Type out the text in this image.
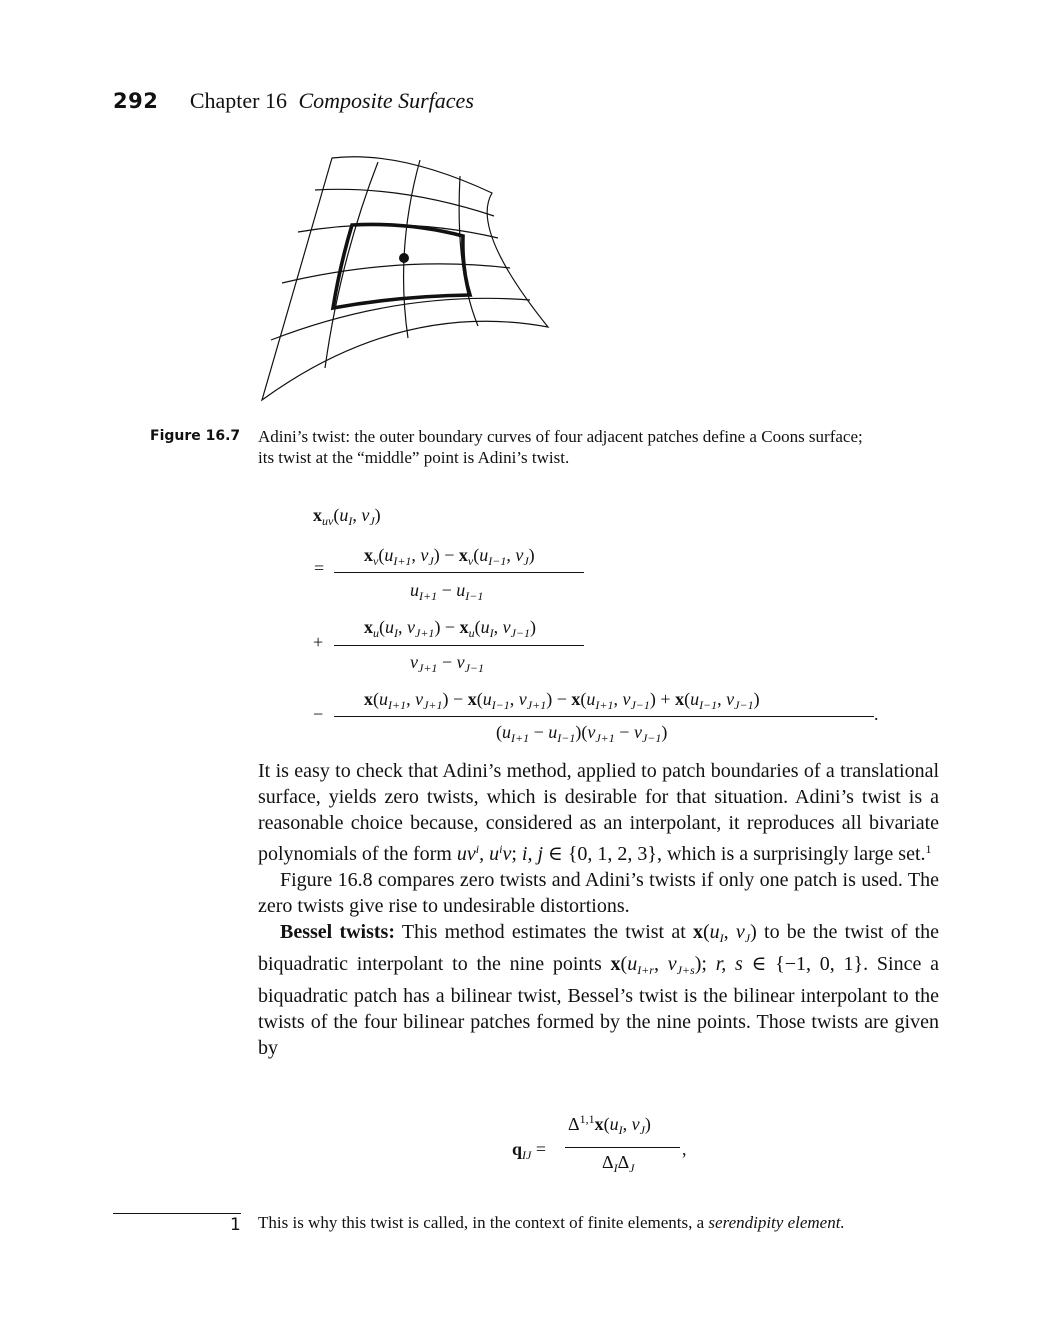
292 Chapter 16 Composite Surfaces
Figure 16.7 Adini’s twist: the outer boundary curves of four adjacent patches define a Coons surface;
its twist at the “middle” point is Adini’s twist.
$x_{uv}(u_I$, $v_J$)
=
$x_v(u_{I+1}$, $v_J) - x_v(u_{I-1}$, $v_J$)
$u_{I+1} - u_{I-1}$
+
$x_u(u_I$, $v_{J+1}) - x_u(u_I$, $v_{J-1}$)
$v_{J+1} - v_{J-1}$
−
$x(u_{I+1}$, $v_{J+1}) - x(u_{I-1}$, $v_{J+1}) - x(u_{I+1}$, $v_{J-1}) + x(u_{I-1}$, $v_{J-1}$)
.
$(u_{I+1} - u_{I-1})(v_{J+1} - v_{J-1})$

It is easy to check that Adini’s method, applied to patch boundaries of a translational surface, yields zero twists, which is desirable for that situation. Adini’s twist is a reasonable choice because, considered as an interpolant, it reproduces all bivariate polynomials of the form $uv^i$, $u^iv$; i, j ∈ {0, 1, 2, 3}, which is a surprisingly large set.$^1$

Figure 16.8 compares zero twists and Adini’s twists if only one patch is used. The zero twists give rise to undesirable distortions.

Bessel twists: This method estimates the twist at $x(u_I$, $v_J$) to be the twist of the biquadratic interpolant to the nine points $x(u_{I+r}$, $v_{J+s}$); r, s ∈ {−1, 0, 1}. Since a biquadratic patch has a bilinear twist, Bessel’s twist is the bilinear interpolant to the twists of the four bilinear patches formed by the nine points. Those twists are given by

$q_{IJ}$ =
$\Delta^{1,1}x(u_I$, $v_J$)
,
$\Delta_I\Delta_J$
1 This is why this twist is called, in the context of finite elements, a serendipity element.
